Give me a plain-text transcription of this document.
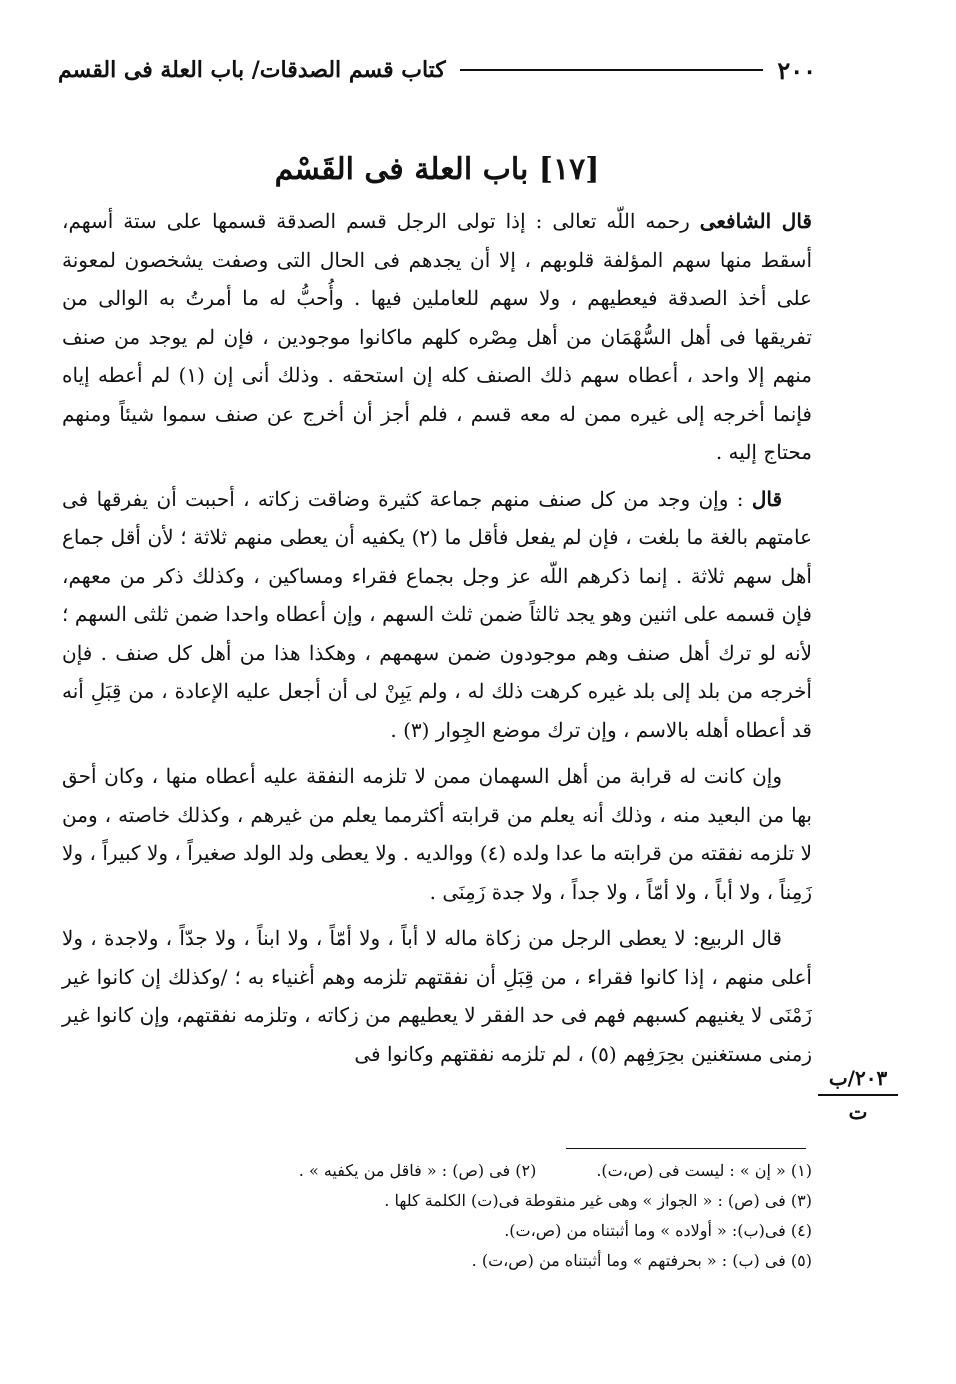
٢٠٠
كتاب قسم الصدقات/ باب العلة فى القسم
[١٧] باب العلة فى القَسْم

قال الشافعى رحمه اللّه تعالى : إذا تولى الرجل قسم الصدقة قسمها على ستة أسهم، أسقط منها سهم المؤلفة قلوبهم ، إلا أن يجدهم فى الحال التى وصفت يشخصون لمعونة على أخذ الصدقة فيعطيهم ، ولا سهم للعاملين فيها . وأُحبُّ له ما أمرتُ به الوالى من تفريقها فى أهل السُّهْمَان من أهل مِصْره كلهم ماكانوا موجودين ، فإن لم يوجد من صنف منهم إلا واحد ، أعطاه سهم ذلك الصنف كله إن استحقه . وذلك أنى إن (١) لم أعطه إياه فإنما أخرجه إلى غيره ممن له معه قسم ، فلم أجز أن أخرج عن صنف سموا شيئاً ومنهم محتاج إليه .

قال : وإن وجد من كل صنف منهم جماعة كثيرة وضاقت زكاته ، أحببت أن يفرقها فى عامتهم بالغة ما بلغت ، فإن لم يفعل فأقل ما (٢) يكفيه أن يعطى منهم ثلاثة ؛ لأن أقل جماع أهل سهم ثلاثة . إنما ذكرهم اللّه عز وجل بجماع فقراء ومساكين ، وكذلك ذكر من معهم، فإن قسمه على اثنين وهو يجد ثالثاً ضمن ثلث السهم ، وإن أعطاه واحدا ضمن ثلثى السهم ؛ لأنه لو ترك أهل صنف وهم موجودون ضمن سهمهم ، وهكذا هذا من أهل كل صنف . فإن أخرجه من بلد إلى بلد غيره كرهت ذلك له ، ولم يَبِنْ لى أن أجعل عليه الإعادة ، من قِبَلِ أنه قد أعطاه أهله بالاسم ، وإن ترك موضع الجِوار (٣) .

وإن كانت له قرابة من أهل السهمان ممن لا تلزمه النفقة عليه أعطاه منها ، وكان أحق بها من البعيد منه ، وذلك أنه يعلم من قرابته أكثرمما يعلم من غيرهم ، وكذلك خاصته ، ومن لا تلزمه نفقته من قرابته ما عدا ولده (٤) ووالديه . ولا يعطى ولد الولد صغيراً ، ولا كبيراً ، ولا زَمِناً ، ولا أباً ، ولا أمّاً ، ولا جداً ، ولا جدة زَمِنَى .

قال الربيع: لا يعطى الرجل من زكاة ماله لا أباً ، ولا أمّاً ، ولا ابناً ، ولا جدّاً ، ولاجدة ، ولا أعلى منهم ، إذا كانوا فقراء ، من قِبَلِ أن نفقتهم تلزمه وهم أغنياء به ؛ /وكذلك إن كانوا غير زَمْنَى لا يغنيهم كسبهم فهم فى حد الفقر لا يعطيهم من زكاته ، وتلزمه نفقتهم، وإن كانوا غير زمنى مستغنين بحِرَفِهم (٥) ، لم تلزمه نفقتهم وكانوا فى

٢٠٣/ب
ت
(١) « إن » : ليست فى (ص،ت).
(٢) فى (ص) : « فاقل من يكفيه » .
(٣) فى (ص) : « الجواز » وهى غير منقوطة فى(ت) الكلمة كلها .
(٤) فى(ب): « أولاده » وما أثبتناه من (ص،ت).
(٥) فى (ب) : « بحرفتهم » وما أثبتناه من (ص،ت) .
